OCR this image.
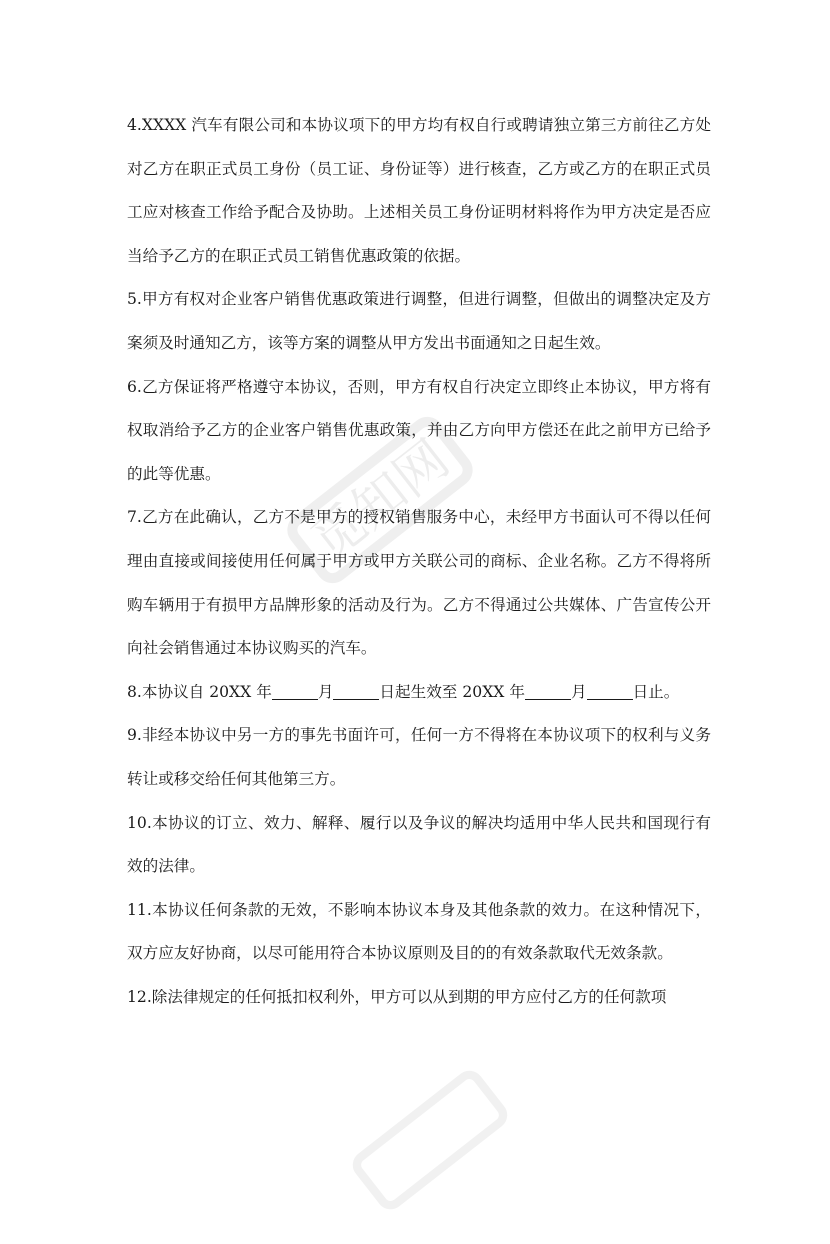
觅知网

4.XXXX 汽车有限公司和本协议项下的甲方均有权自行或聘请独立第三方前往乙方处对乙方在职正式员工身份（员工证、身份证等）进行核查，乙方或乙方的在职正式员工应对核查工作给予配合及协助。上述相关员工身份证明材料将作为甲方决定是否应当给予乙方的在职正式员工销售优惠政策的依据。

5.甲方有权对企业客户销售优惠政策进行调整，但进行调整，但做出的调整决定及方案须及时通知乙方，该等方案的调整从甲方发出书面通知之日起生效。

6.乙方保证将严格遵守本协议，否则，甲方有权自行决定立即终止本协议，甲方将有权取消给予乙方的企业客户销售优惠政策，并由乙方向甲方偿还在此之前甲方已给予的此等优惠。

7.乙方在此确认，乙方不是甲方的授权销售服务中心，未经甲方书面认可不得以任何理由直接或间接使用任何属于甲方或甲方关联公司的商标、企业名称。乙方不得将所购车辆用于有损甲方品牌形象的活动及行为。乙方不得通过公共媒体、广告宣传公开向社会销售通过本协议购买的汽车。

8.本协议自 20XX 年	月	日起生效至 20XX 年	月	日止。

9.非经本协议中另一方的事先书面许可，任何一方不得将在本协议项下的权利与义务转让或移交给任何其他第三方。

10.本协议的订立、效力、解释、履行以及争议的解决均适用中华人民共和国现行有效的法律。

11.本协议任何条款的无效，不影响本协议本身及其他条款的效力。在这种情况下，双方应友好协商，以尽可能用符合本协议原则及目的的有效条款取代无效条款。

12.除法律规定的任何抵扣权利外，甲方可以从到期的甲方应付乙方的任何款项
